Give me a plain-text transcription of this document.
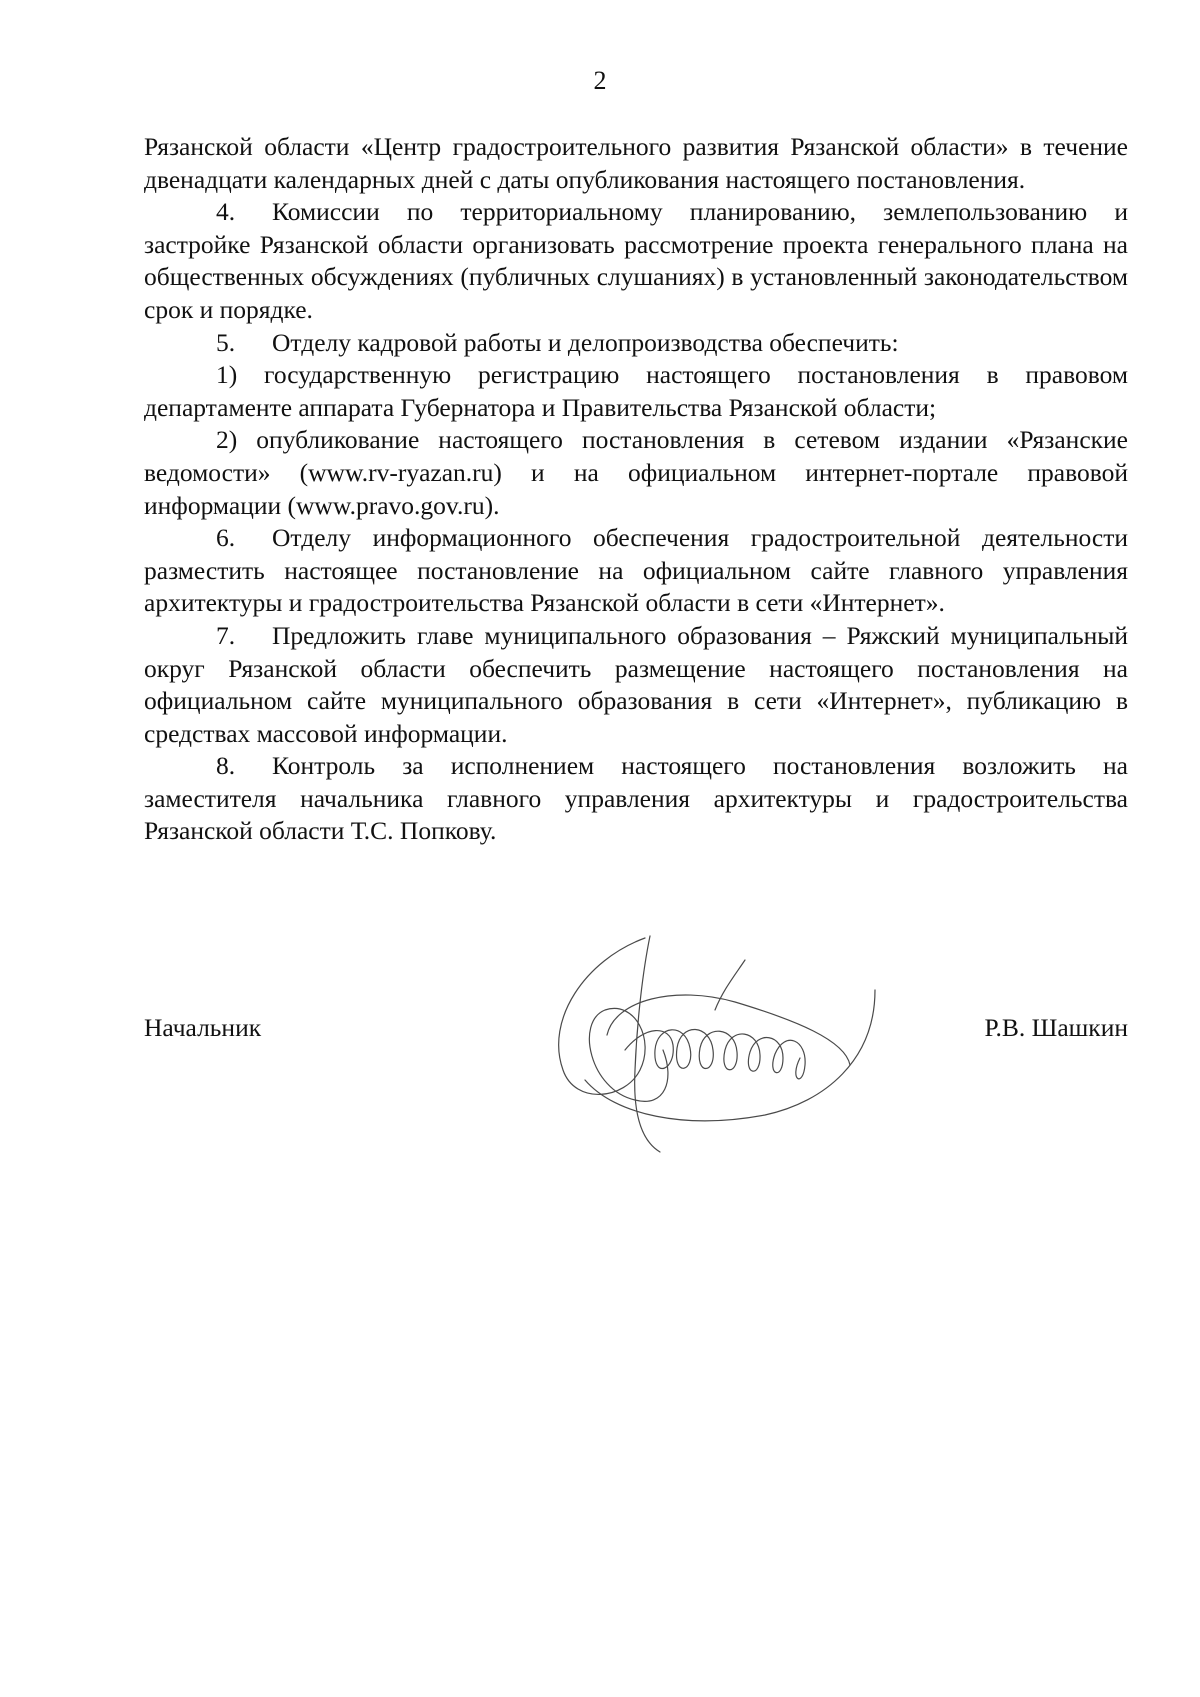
2

Рязанской области «Центр градостроительного развития Рязанской области» в течение двенадцати календарных дней с даты опубликования настоящего постановления.

4. Комиссии по территориальному планированию, землепользованию и застройке Рязанской области организовать рассмотрение проекта генерального плана на общественных обсуждениях (публичных слушаниях) в установленный законодательством срок и порядке.

5. Отделу кадровой работы и делопроизводства обеспечить:

1) государственную регистрацию настоящего постановления в правовом департаменте аппарата Губернатора и Правительства Рязанской области;

2) опубликование настоящего постановления в сетевом издании «Рязанские ведомости» (www.rv-ryazan.ru) и на официальном интернет-портале правовой информации (www.pravo.gov.ru).

6. Отделу информационного обеспечения градостроительной деятельности разместить настоящее постановление на официальном сайте главного управления архитектуры и градостроительства Рязанской области в сети «Интернет».

7. Предложить главе муниципального образования – Ряжский муниципальный округ Рязанской области обеспечить размещение настоящего постановления на официальном сайте муниципального образования в сети «Интернет», публикацию в средствах массовой информации.

8. Контроль за исполнением настоящего постановления возложить на заместителя начальника главного управления архитектуры и градостроительства Рязанской области Т.С. Попкову.

Начальник	Р.В. Шашкин
